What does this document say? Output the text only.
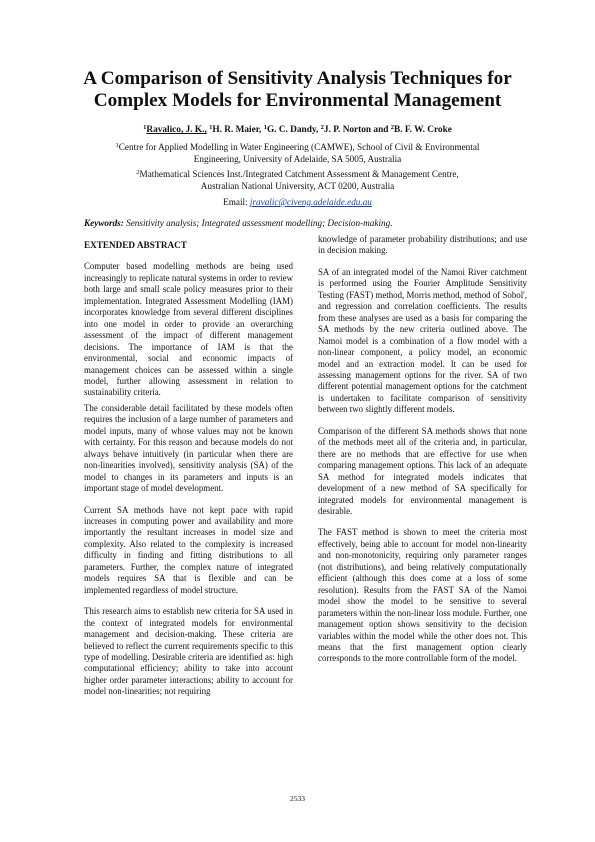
A Comparison of Sensitivity Analysis Techniques for
Complex Models for Environmental Management
$^1$Ravalico, J. K., $^1$H. R. Maier, $^1$G. C. Dandy, $^2$J. P. Norton and $^2$B. F. W. Croke
$^1$Centre for Applied Modelling in Water Engineering (CAMWE), School of Civil & Environmental
Engineering, University of Adelaide, SA 5005, Australia
$^2$Mathematical Sciences Inst./Integrated Catchment Assessment & Management Centre,
Australian National University, ACT 0200, Australia
Email: jravalic@civeng.adelaide.edu.au
Keywords: Sensitivity analysis; Integrated assessment modelling; Decision-making.
EXTENDED ABSTRACT

Computer based modelling methods are being used increasingly to replicate natural systems in order to review both large and small scale policy measures prior to their implementation. Integrated Assessment Modelling (IAM) incorporates knowledge from several different disciplines into one model in order to provide an overarching assessment of the impact of different management decisions. The importance of IAM is that the environmental, social and economic impacts of management choices can be assessed within a single model, further allowing assessment in relation to sustainability criteria.

The considerable detail facilitated by these models often requires the inclusion of a large number of parameters and model inputs, many of whose values may not be known with certainty. For this reason and because models do not always behave intuitively (in particular when there are non-linearities involved), sensitivity analysis (SA) of the model to changes in its parameters and inputs is an important stage of model development.

Current SA methods have not kept pace with rapid increases in computing power and availability and more importantly the resultant increases in model size and complexity. Also related to the complexity is increased difficulty in finding and fitting distributions to all parameters. Further, the complex nature of integrated models requires SA that is flexible and can be implemented regardless of model structure.

This research aims to establish new criteria for SA used in the context of integrated models for environmental management and decision-making. These criteria are believed to reflect the current requirements specific to this type of modelling. Desirable criteria are identified as: high computational efficiency; ability to take into account higher order parameter interactions; ability to account for model non-linearities; not requiring

knowledge of parameter probability distributions; and use in decision making.

SA of an integrated model of the Namoi River catchment is performed using the Fourier Amplitude Sensitivity Testing (FAST) method, Morris method, method of Sobol', and regression and correlation coefficients. The results from these analyses are used as a basis for comparing the SA methods by the new criteria outlined above. The Namoi model is a combination of a flow model with a non-linear component, a policy model, an economic model and an extraction model. It can be used for assessing management options for the river. SA of two different potential management options for the catchment is undertaken to facilitate comparison of sensitivity between two slightly different models.

Comparison of the different SA methods shows that none of the methods meet all of the criteria and, in particular, there are no methods that are effective for use when comparing management options. This lack of an adequate SA method for integrated models indicates that development of a new method of SA specifically for integrated models for environmental management is desirable.

The FAST method is shown to meet the criteria most effectively, being able to account for model non-linearity and non-monotonicity, requiring only parameter ranges (not distributions), and being relatively computationally efficient (although this does come at a loss of some resolution). Results from the FAST SA of the Namoi model show the model to be sensitive to several parameters within the non-linear loss module. Further, one management option shows sensitivity to the decision variables within the model while the other does not. This means that the first management option clearly corresponds to the more controllable form of the model.

2533
